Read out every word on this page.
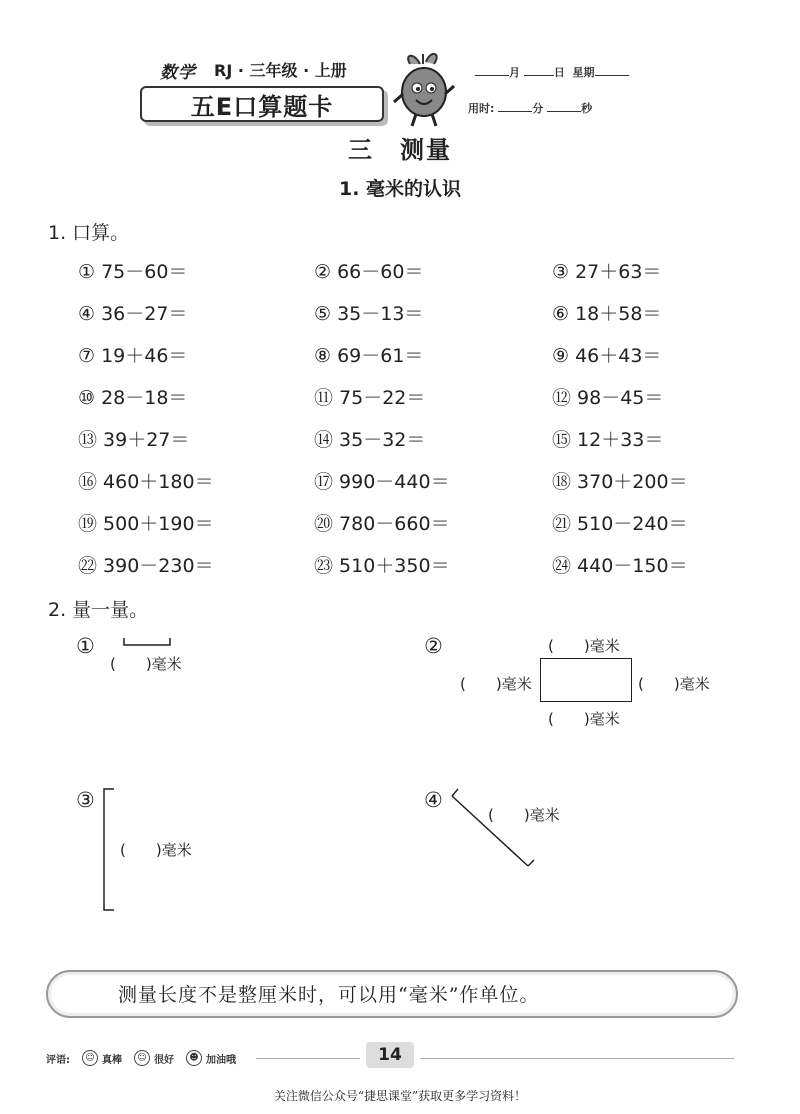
数学 RJ · 三年级 · 上册
五E口算题卡
月	日 星期
用时:	分	秒
三　测量
1. 毫米的认识
1. 口算。
① 75－60＝	② 66－60＝	③ 27＋63＝
④ 36－27＝	⑤ 35－13＝	⑥ 18＋58＝
⑦ 19＋46＝	⑧ 69－61＝	⑨ 46＋43＝
⑩ 28－18＝	⑪ 75－22＝	⑫ 98－45＝
⑬ 39＋27＝	⑭ 35－32＝	⑮ 12＋33＝
⑯ 460＋180＝	⑰ 990－440＝	⑱ 370＋200＝
⑲ 500＋190＝	⑳ 780－660＝	㉑ 510－240＝
㉒ 390－230＝	㉓ 510＋350＝	㉔ 440－150＝
2. 量一量。
①
(　　)毫米
②	(　　)毫米
(　　)毫米
(　　)毫米	(　　)毫米
③
(　　)毫米
④
(　　)毫米
测量长度不是整厘米时，可以用“毫米”作单位。
评语:	☺ 真棒	☺ 很好	☻ 加油哦	14
关注微信公众号“捷思课堂”获取更多学习资料！
